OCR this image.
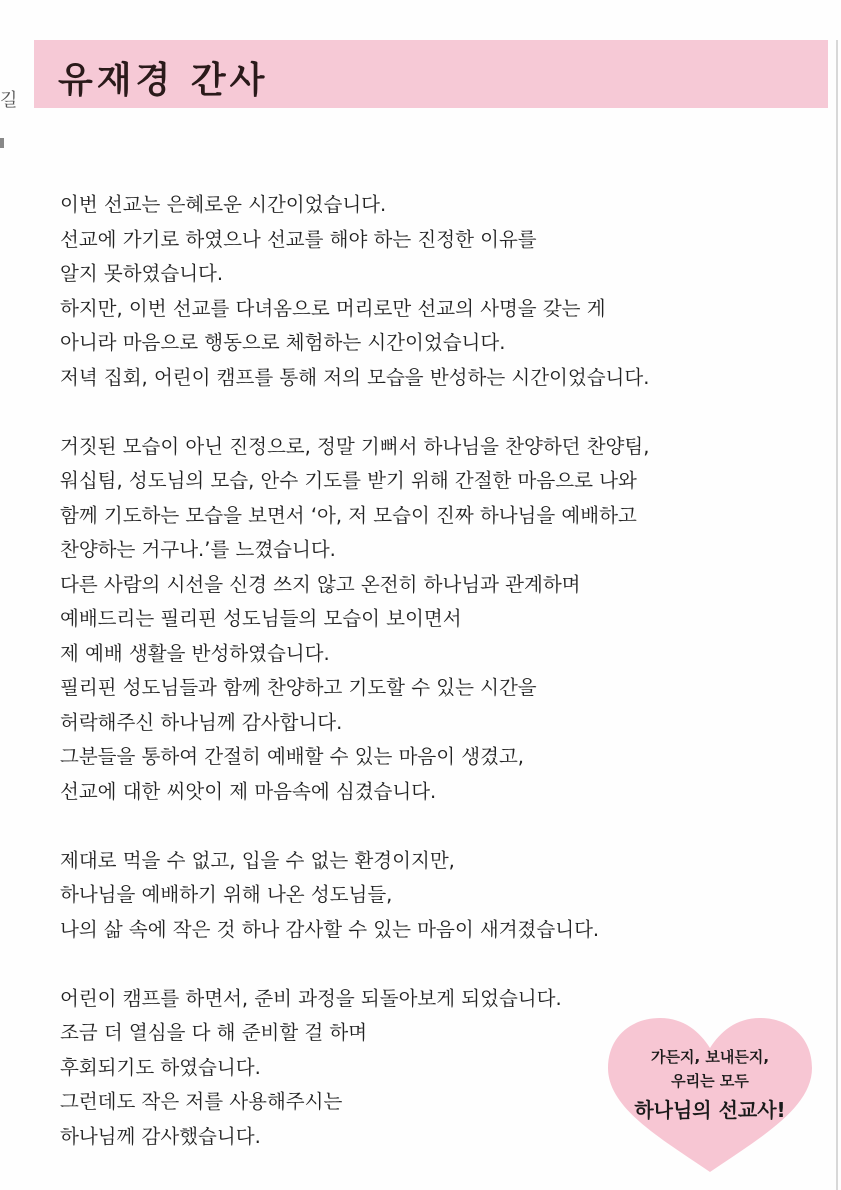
길 유재경 간사
이번 선교는 은혜로운 시간이었습니다.
선교에 가기로 하였으나 선교를 해야 하는 진정한 이유를
알지 못하였습니다.
하지만, 이번 선교를 다녀옴으로 머리로만 선교의 사명을 갖는 게
아니라 마음으로 행동으로 체험하는 시간이었습니다.
저녁 집회, 어린이 캠프를 통해 저의 모습을 반성하는 시간이었습니다.
거짓된 모습이 아닌 진정으로, 정말 기뻐서 하나님을 찬양하던 찬양팀,
워십팀, 성도님의 모습, 안수 기도를 받기 위해 간절한 마음으로 나와
함께 기도하는 모습을 보면서 ‘아, 저 모습이 진짜 하나님을 예배하고
찬양하는 거구나.’를 느꼈습니다.
다른 사람의 시선을 신경 쓰지 않고 온전히 하나님과 관계하며
예배드리는 필리핀 성도님들의 모습이 보이면서
제 예배 생활을 반성하였습니다.
필리핀 성도님들과 함께 찬양하고 기도할 수 있는 시간을
허락해주신 하나님께 감사합니다.
그분들을 통하여 간절히 예배할 수 있는 마음이 생겼고,
선교에 대한 씨앗이 제 마음속에 심겼습니다.
제대로 먹을 수 없고, 입을 수 없는 환경이지만,
하나님을 예배하기 위해 나온 성도님들,
나의 삶 속에 작은 것 하나 감사할 수 있는 마음이 새겨졌습니다.
어린이 캠프를 하면서, 준비 과정을 되돌아보게 되었습니다.
조금 더 열심을 다 해 준비할 걸 하며
후회되기도 하였습니다.
그런데도 작은 저를 사용해주시는
하나님께 감사했습니다.
가든지, 보내든지,
우리는 모두
하나님의 선교사!
